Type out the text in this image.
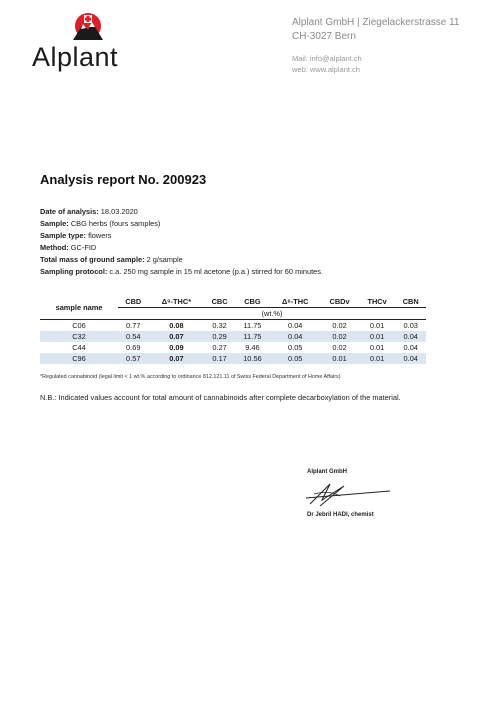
Alplant
Alplant GmbH | Ziegelackerstrasse 11
CH-3027 Bern
Mail: info@alplant.ch
web: www.alplant.ch
Analysis report No. 200923
Date of analysis: 18.03.2020
Sample: CBG herbs (fours samples)
Sample type: flowers
Method: GC-FID
Total mass of ground sample: 2 g/sample
Sampling protocol: c.a. 250 mg sample in 15 ml acetone (p.a.) stirred for 60 minutes.
sample name	CBD	Δ⁹-THC*	CBC	CBG	Δ⁸-THC	CBDv	THCv	CBN
	(wt.%)							
C06	0.77	0.08	0.32	11.75	0.04	0.02	0.01	0.03
C32	0.54	0.07	0.29	11.75	0.04	0.02	0.01	0.04
C44	0.69	0.09	0.27	9.46	0.05	0.02	0.01	0.04
C96	0.57	0.07	0.17	10.56	0.05	0.01	0.01	0.04
*Regulated cannabinoid (legal limit < 1 wt.% according to ordinance 812.121.11 of Swiss Federal Department of Home Affairs)
N.B.: Indicated values account for total amount of cannabinoids after complete decarboxylation of the material.
Alplant GmbH
Dr Jebril HADI, chemist
